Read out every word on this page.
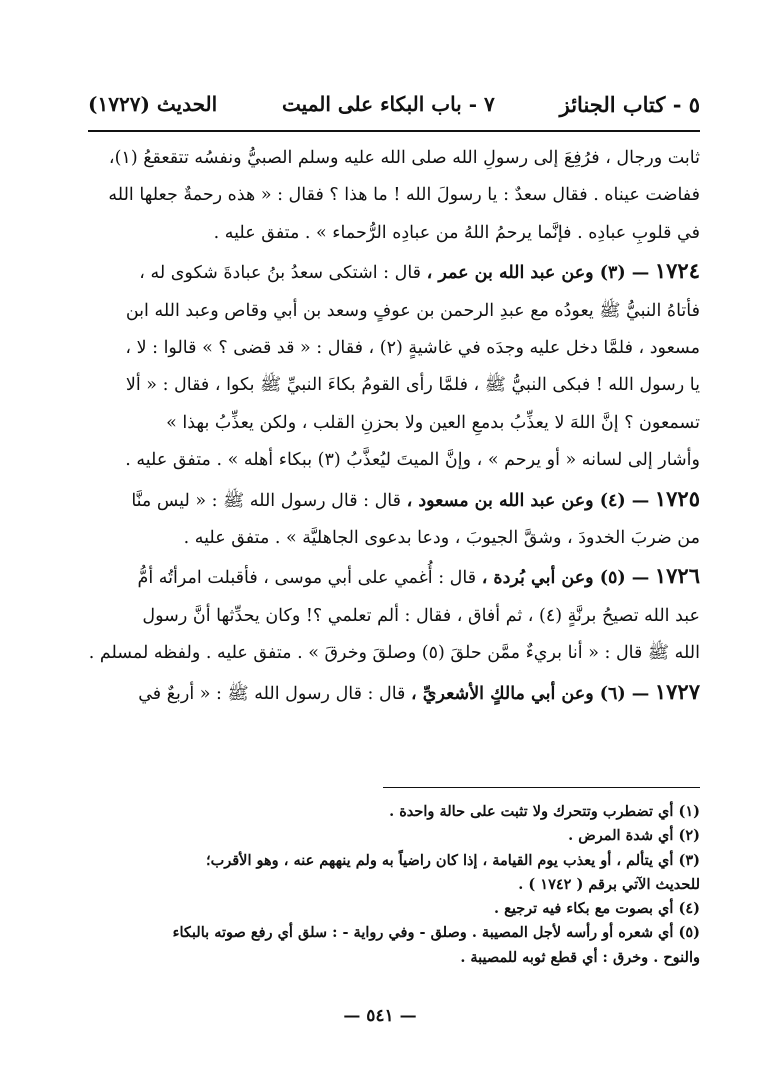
٥ - كتاب الجنائز
٧ - باب البكاء على الميت
الحديث (١٧٢٧)

ثابت ورجال ، فرُفِعَ إلى رسولِ الله صلى الله عليه وسلم الصبيُّ ونفسُه تتقعقعُ (١)،

ففاضت عيناه . فقال سعدٌ : يا رسولَ الله ! ما هذا ؟ فقال : « هذه رحمةٌ جعلها الله

في قلوبِ عبادِه . فإنَّما يرحمُ اللهُ من عبادِه الرُّحماء » . متفق عليه .

١٧٢٤ — (٣) وعن عبد الله بن عمر ، قال : اشتكى سعدُ بنُ عبادةَ شكوى له ،

فأتاهُ النبيُّ ﷺ يعودُه مع عبدِ الرحمن بن عوفٍ وسعد بن أبي وقاص وعبد الله ابن

مسعود ، فلمَّا دخل عليه وجدَه في غاشيةٍ (٢) ، فقال : « قد قضى ؟ » قالوا : لا ،

يا رسول الله ! فبكى النبيُّ ﷺ ، فلمَّا رأى القومُ بكاءَ النبيِّ ﷺ بكوا ، فقال : « ألا

تسمعون ؟ إنَّ اللهَ لا يعذِّبُ بدمعِ العين ولا بحزنِ القلب ، ولكن يعذِّبُ بهذا »

وأشار إلى لسانه « أو يرحم » ، وإنَّ الميتَ ليُعذَّبُ (٣) ببكاء أهله » . متفق عليه .

١٧٢٥ — (٤) وعن عبد الله بن مسعود ، قال : قال رسول الله ﷺ : « ليس منَّا

من ضربَ الخدودَ ، وشقَّ الجيوبَ ، ودعا بدعوى الجاهليَّة » . متفق عليه .

١٧٢٦ — (٥) وعن أبي بُردة ، قال : أُغمي على أبي موسى ، فأقبلت امرأتُه أمُّ

عبد الله تصيحُ برنَّةٍ (٤) ، ثم أفاق ، فقال : ألم تعلمي ؟! وكان يحدِّثها أنَّ رسول

الله ﷺ قال : « أنا بريءٌ ممَّن حلقَ (٥) وصلقَ وخرقَ » . متفق عليه . ولفظه لمسلم .

١٧٢٧ — (٦) وعن أبي مالكٍ الأشعريِّ ، قال : قال رسول الله ﷺ : « أربعٌ في

(١) أي تضطرب وتتحرك ولا تثبت على حالة واحدة .

(٢) أي شدة المرض .

(٣) أي يتألم ، أو يعذب يوم القيامة ، إذا كان راضياً به ولم ينههم عنه ، وهو الأقرب؛

للحديث الآتي برقم ( ١٧٤٢ ) .

(٤) أي بصوت مع بكاء فيه ترجيع .

(٥) أي شعره أو رأسه لأجل المصيبة . وصلق - وفي رواية - : سلق أي رفع صوته بالبكاء

والنوح . وخرق : أي قطع ثوبه للمصيبة .

— ٥٤١ —
